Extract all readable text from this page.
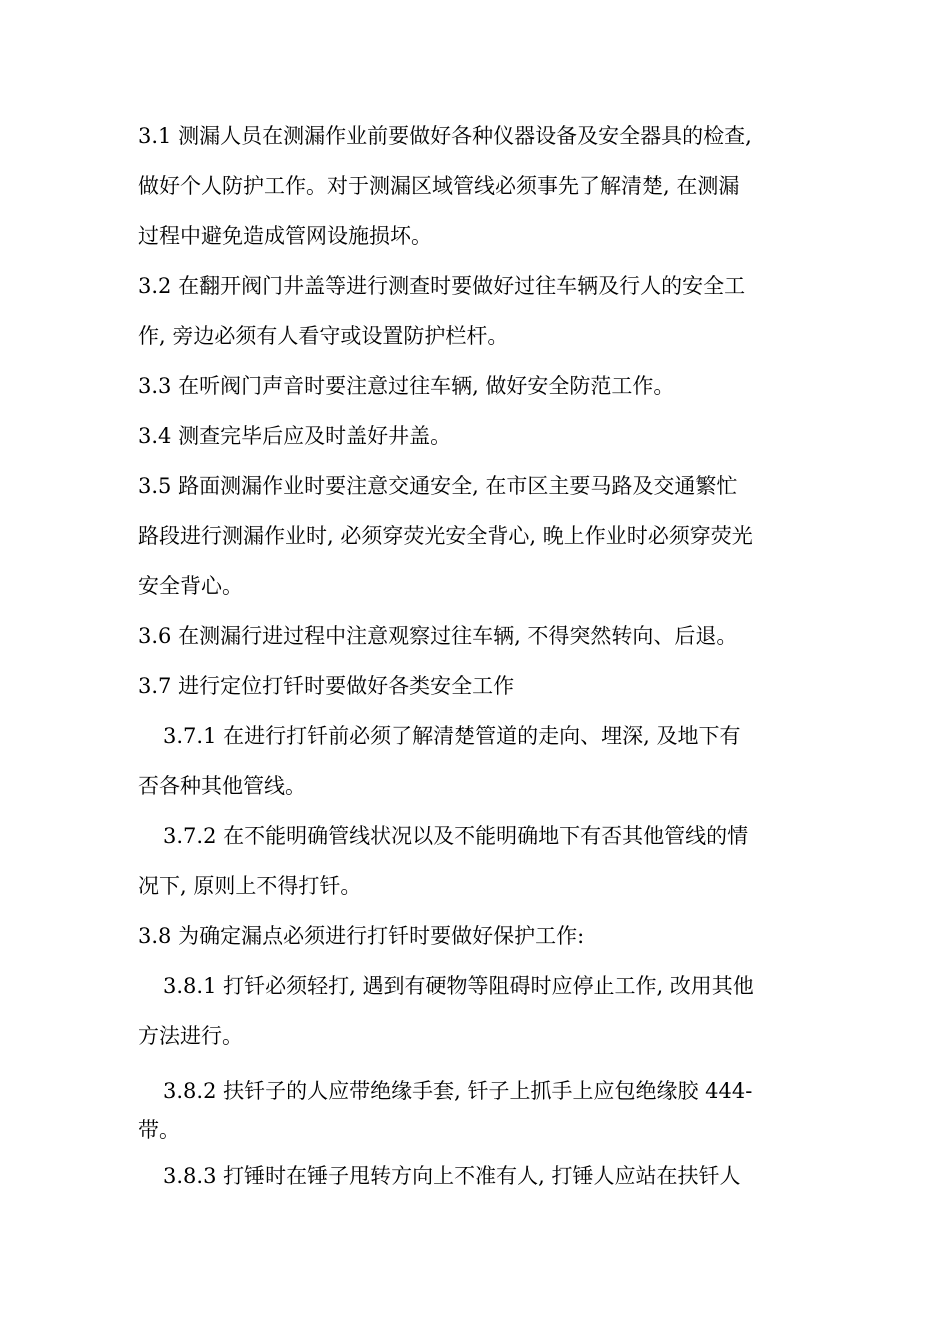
3.1 测漏人员在测漏作业前要做好各种仪器设备及安全器具的检查,
做好个人防护工作。对于测漏区域管线必须事先了解清楚, 在测漏
过程中避免造成管网设施损坏。
3.2 在翻开阀门井盖等进行测查时要做好过往车辆及行人的安全工
作, 旁边必须有人看守或设置防护栏杆。
3.3 在听阀门声音时要注意过往车辆, 做好安全防范工作。
3.4 测查完毕后应及时盖好井盖。
3.5 路面测漏作业时要注意交通安全, 在市区主要马路及交通繁忙
路段进行测漏作业时, 必须穿荧光安全背心, 晚上作业时必须穿荧光
安全背心。
3.6 在测漏行进过程中注意观察过往车辆, 不得突然转向、后退。
3.7 进行定位打钎时要做好各类安全工作
3.7.1 在进行打钎前必须了解清楚管道的走向、埋深, 及地下有
否各种其他管线。
3.7.2 在不能明确管线状况以及不能明确地下有否其他管线的情
况下, 原则上不得打钎。
3.8 为确定漏点必须进行打钎时要做好保护工作:
3.8.1 打钎必须轻打, 遇到有硬物等阻碍时应停止工作, 改用其他
方法进行。
3.8.2 扶钎子的人应带绝缘手套, 钎子上抓手上应包绝缘胶 444-
带。
3.8.3 打锤时在锤子甩转方向上不准有人, 打锤人应站在扶钎人
